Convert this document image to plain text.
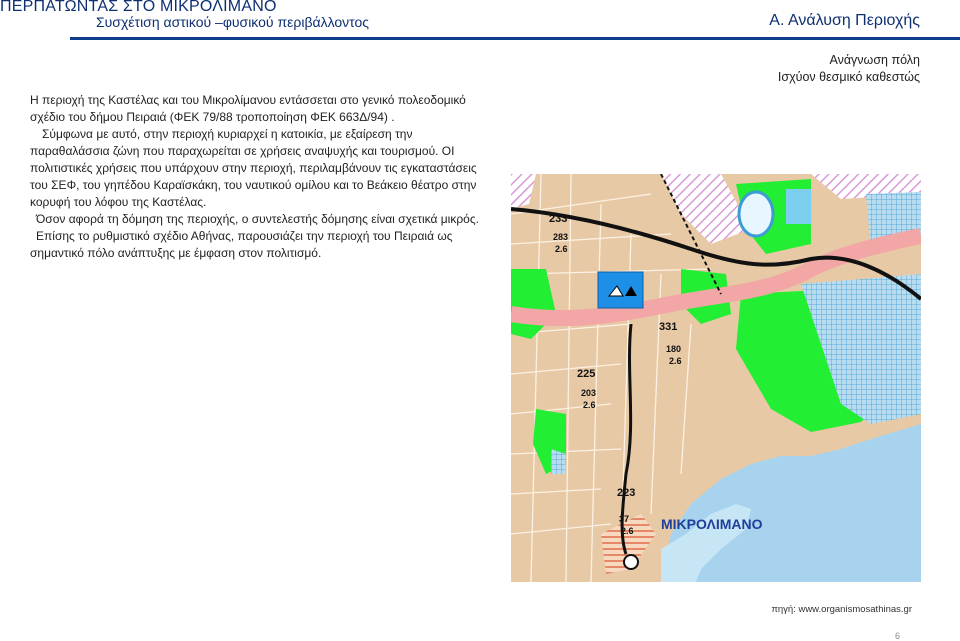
ΠΕΡΠΑΤΩΝΤΑΣ ΣΤΟ ΜΙΚΡΟΛΙΜΑΝΟ
Συσχέτιση αστικού –φυσικού περιβάλλοντος	Α. Ανάλυση Περιοχής
Ανάγνωση πόλη
Ισχύον θεσμικό καθεστώς

Η περιοχή της Καστέλας και του Μικρολίμανου εντάσσεται στο γενικό πολεοδομικό σχέδιο του δήμου Πειραιά (ΦΕΚ 79/88 τροποποίηση ΦΕΚ 663Δ/94) .

Σύμφωνα με αυτό, στην περιοχή κυριαρχεί η κατοικία, με εξαίρεση την παραθαλάσσια ζώνη που παραχωρείται σε χρήσεις αναψυχής και τουρισμού. ΟΙ πολιτιστικές χρήσεις που υπάρχουν στην περιοχή, περιλαμβάνουν τις εγκαταστάσεις του ΣΕΦ, του γηπέδου Καραϊσκάκη, του ναυτικού ομίλου και το Βεάκειο θέατρο στην κορυφή του λόφου της Καστέλας.

Όσον αφορά τη δόμηση της περιοχής, ο συντελεστής δόμησης είναι σχετικά μικρός.

Επίσης το ρυθμιστικό σχέδιο Αθήνας, παρουσιάζει την περιοχή του Πειραιά ως σημαντικό πόλο ανάπτυξης με έμφαση στον πολιτισμό.

233
283
2.6
331
180
2.6
225
203
2.6
223
37
2.6 ΜΙΚΡΟΛΙΜΑΝΟ
πηγή: www.organismosathinas.gr
6
